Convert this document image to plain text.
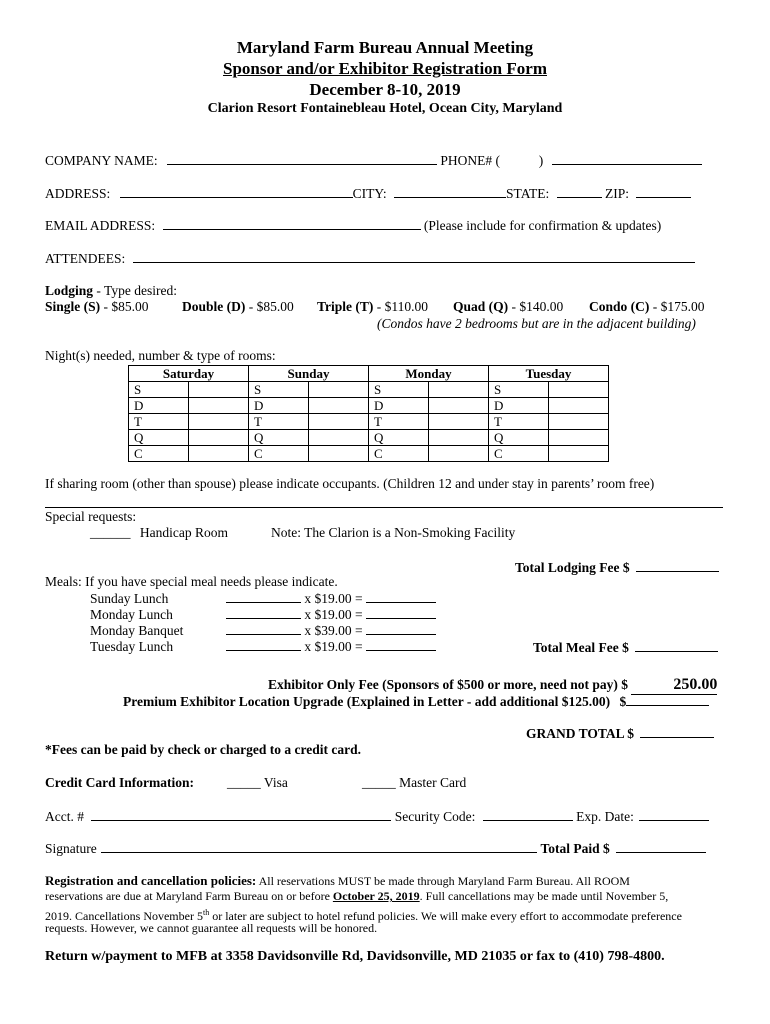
Maryland Farm Bureau Annual Meeting
Sponsor and/or Exhibitor Registration Form
December 8-10, 2019
Clarion Resort Fontainebleau Hotel, Ocean City, Maryland
COMPANY NAME:	PHONE# (	)
ADDRESS:	CITY:	STATE:	ZIP:
EMAIL ADDRESS:	(Please include for confirmation & updates)
ATTENDEES:
Lodging - Type desired:
Single (S) - $85.00 Double (D) - $85.00 Triple (T) - $110.00 Quad (Q) - $140.00 Condo (C) - $175.00
(Condos have 2 bedrooms but are in the adjacent building)
Night(s) needed, number & type of rooms:
Saturday		Sunday		Monday		Tuesday	
S		S		S		S	
D		D		D		D	
T		T		T		T	
Q		Q		Q		Q	
C		C		C		C	
If sharing room (other than spouse) please indicate occupants. (Children 12 and under stay in parents’ room free)
Special requests:
______ Handicap Room	Note: The Clarion is a Non-Smoking Facility
Total Lodging Fee $
Meals: If you have special meal needs please indicate.
Sunday Lunch	x $19.00 =
Monday Lunch	x $19.00 =
Monday Banquet	x $39.00 =
Tuesday Lunch	x $19.00 =	Total Meal Fee $
Exhibitor Only Fee (Sponsors of $500 or more, need not pay) $	250.00
Premium Exhibitor Location Upgrade (Explained in Letter - add additional $125.00) $
GRAND TOTAL $
*Fees can be paid by check or charged to a credit card.
Credit Card Information: _____ Visa	_____ Master Card
Acct. #	Security Code:	Exp. Date:
Signature	Total Paid $
Registration and cancellation policies: All reservations MUST be made through Maryland Farm Bureau. All ROOM
reservations are due at Maryland Farm Bureau on or before October 25, 2019. Full cancellations may be made until November 5,
2019. Cancellations November 5th or later are subject to hotel refund policies. We will make every effort to accommodate preference
requests. However, we cannot guarantee all requests will be honored.
Return w/payment to MFB at 3358 Davidsonville Rd, Davidsonville, MD 21035 or fax to (410) 798-4800.
